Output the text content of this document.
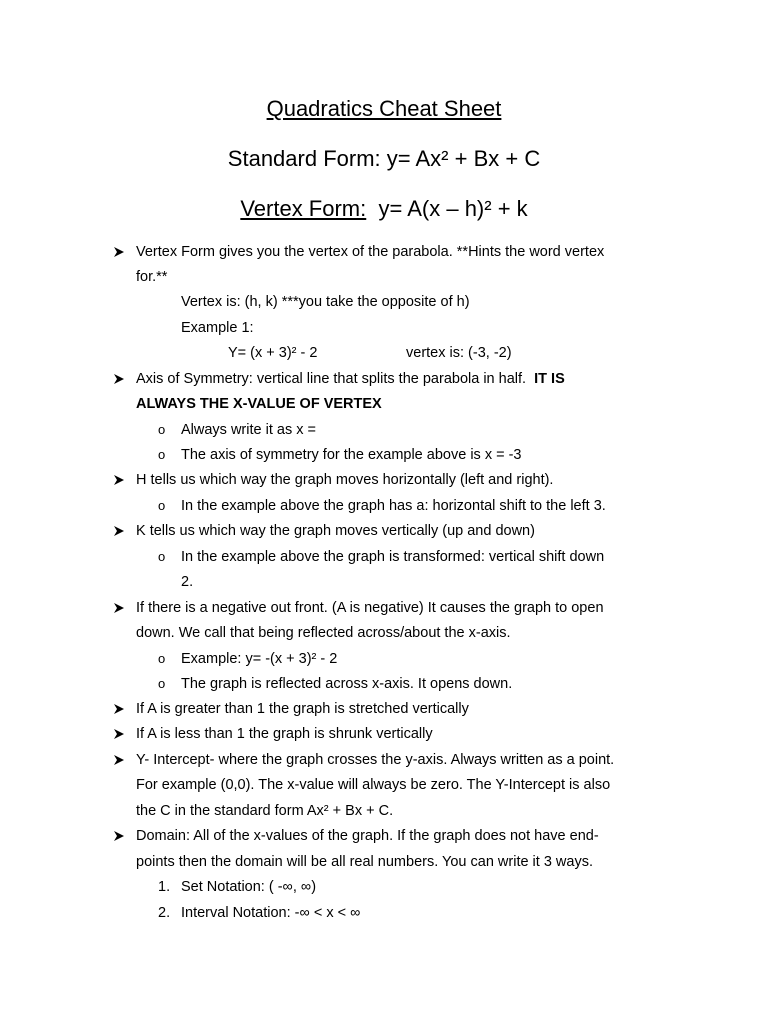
Quadratics Cheat Sheet
Standard Form: y= Ax² + Bx + C
Vertex Form: y= A(x – h)² + k
Vertex Form gives you the vertex of the parabola. **Hints the word vertex
for.**
Vertex is: (h, k) ***you take the opposite of h)
Example 1:
Y= (x + 3)² - 2	vertex is: (-3, -2)
Axis of Symmetry: vertical line that splits the parabola in half. IT IS
ALWAYS THE X-VALUE OF VERTEX
o	Always write it as x =
o	The axis of symmetry for the example above is x = -3
H tells us which way the graph moves horizontally (left and right).
o	In the example above the graph has a: horizontal shift to the left 3.
K tells us which way the graph moves vertically (up and down)
o	In the example above the graph is transformed: vertical shift down
2.
If there is a negative out front. (A is negative) It causes the graph to open
down. We call that being reflected across/about the x-axis.
o	Example: y= -(x + 3)² - 2
o	The graph is reflected across x-axis. It opens down.
If A is greater than 1 the graph is stretched vertically
If A is less than 1 the graph is shrunk vertically
Y- Intercept- where the graph crosses the y-axis. Always written as a point.
For example (0,0). The x-value will always be zero. The Y-Intercept is also
the C in the standard form Ax² + Bx + C.
Domain: All of the x-values of the graph. If the graph does not have end-
points then the domain will be all real numbers. You can write it 3 ways.
1. Set Notation: ( -∞, ∞)
2. Interval Notation: -∞ < x < ∞
